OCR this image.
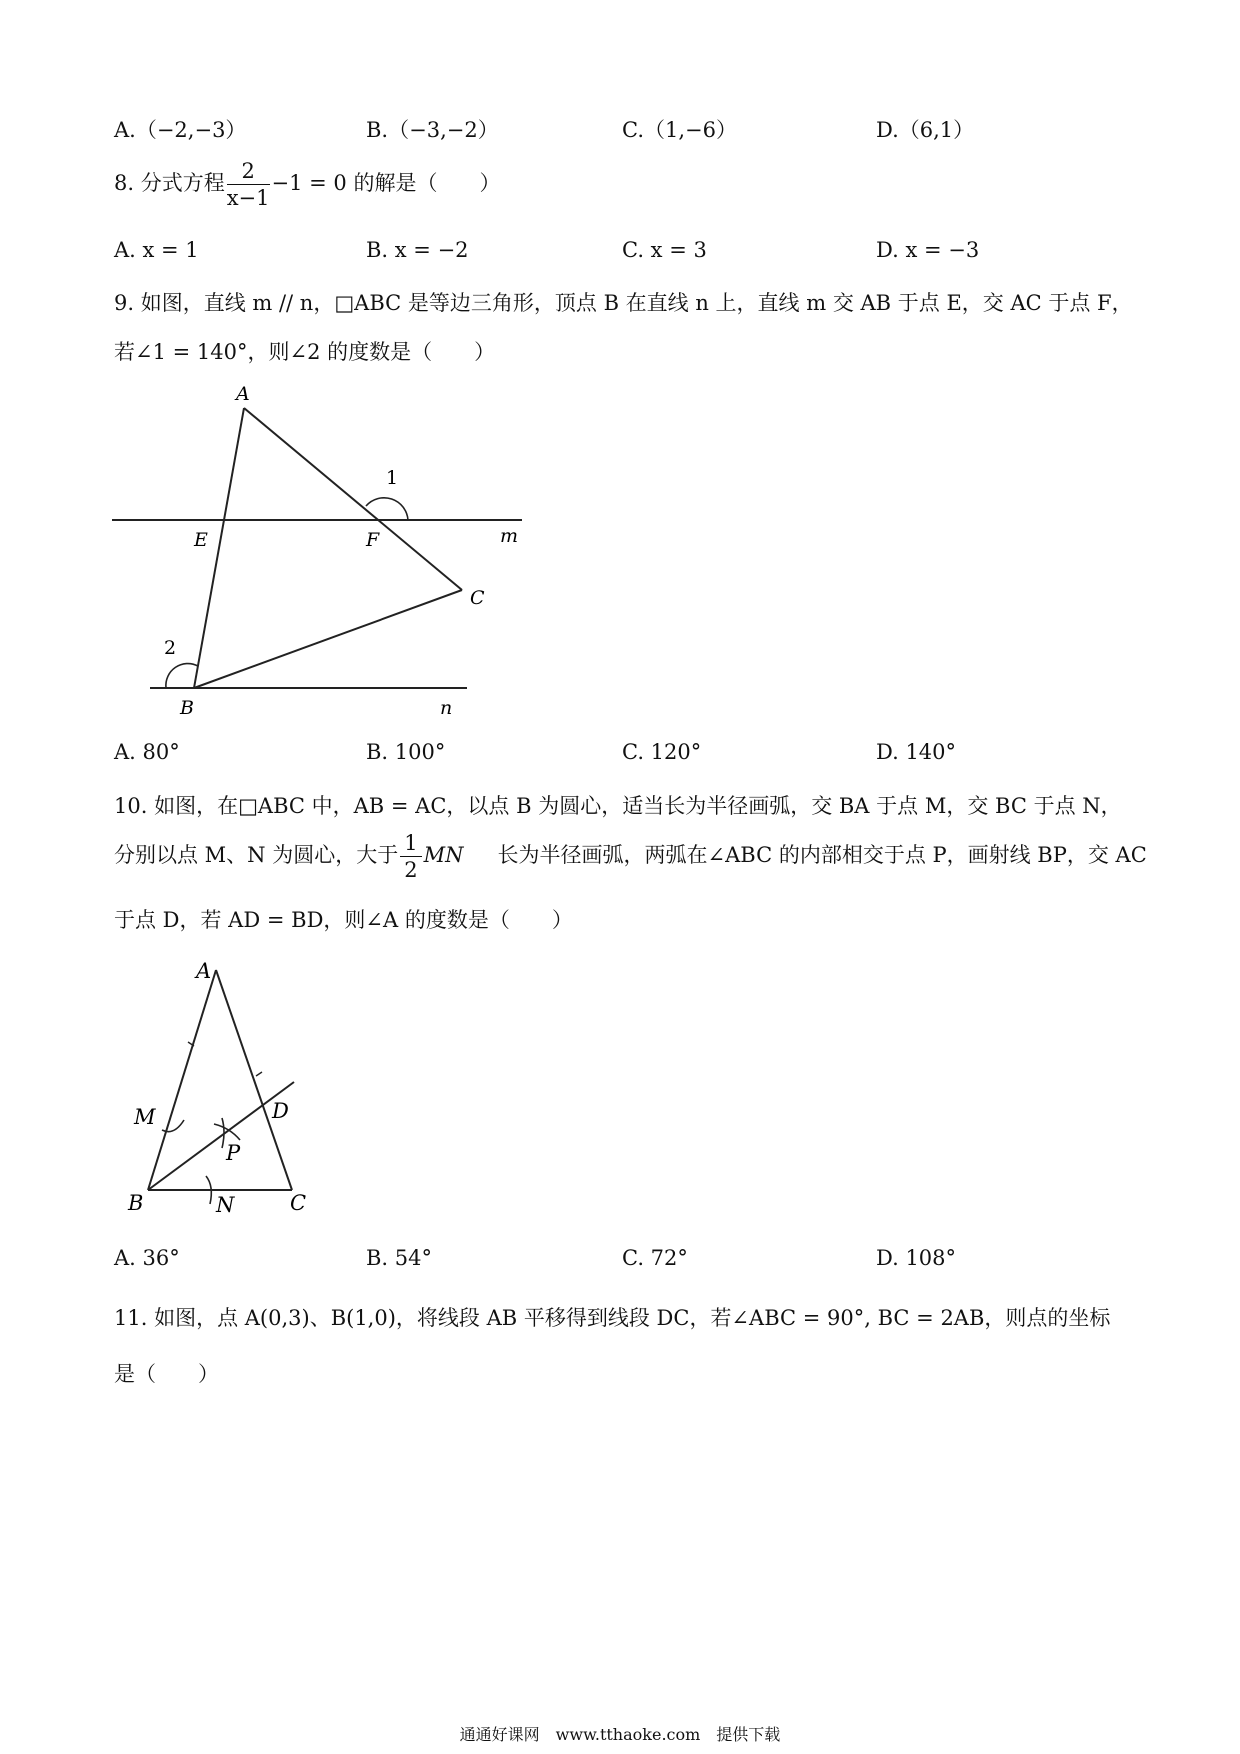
A.（−2,−3）	B.（−3,−2）	C.（1,−6）	D.（6,1）
8. 分式方程 $\frac{2}{x-1} -1 = 0$ 的解是（　　）
A. x = 1	B. x = −2	C. x = 3	D. x = −3
9. 如图，直线 m // n，□ABC 是等边三角形，顶点 B 在直线 n 上，直线 m 交 AB 于点 E，交 AC 于点 F，
若∠1 = 140°，则∠2 的度数是（　　）
A
E	F	m
C
B	n
1
2
A. 80°	B. 100°	C. 120°	D. 140°
10. 如图，在□ABC 中，AB = AC，以点 B 为圆心，适当长为半径画弧，交 BA 于点 M，交 BC 于点 N，
分别以点 M、N 为圆心，大于 $\frac{1}{2}$ MN 长为半径画弧，两弧在∠ABC 的内部相交于点 P，画射线 BP，交 AC
于点 D，若 AD = BD，则∠A 的度数是（　　）
A
M	D
P
B	N	C
A. 36°	B. 54°	C. 72°	D. 108°
11. 如图，点 A(0,3)、B(1,0)，将线段 AB 平移得到线段 DC，若∠ABC = 90°, BC = 2AB，则点的坐标
是（　　）
通通好课网　www.tthaoke.com　提供下载
